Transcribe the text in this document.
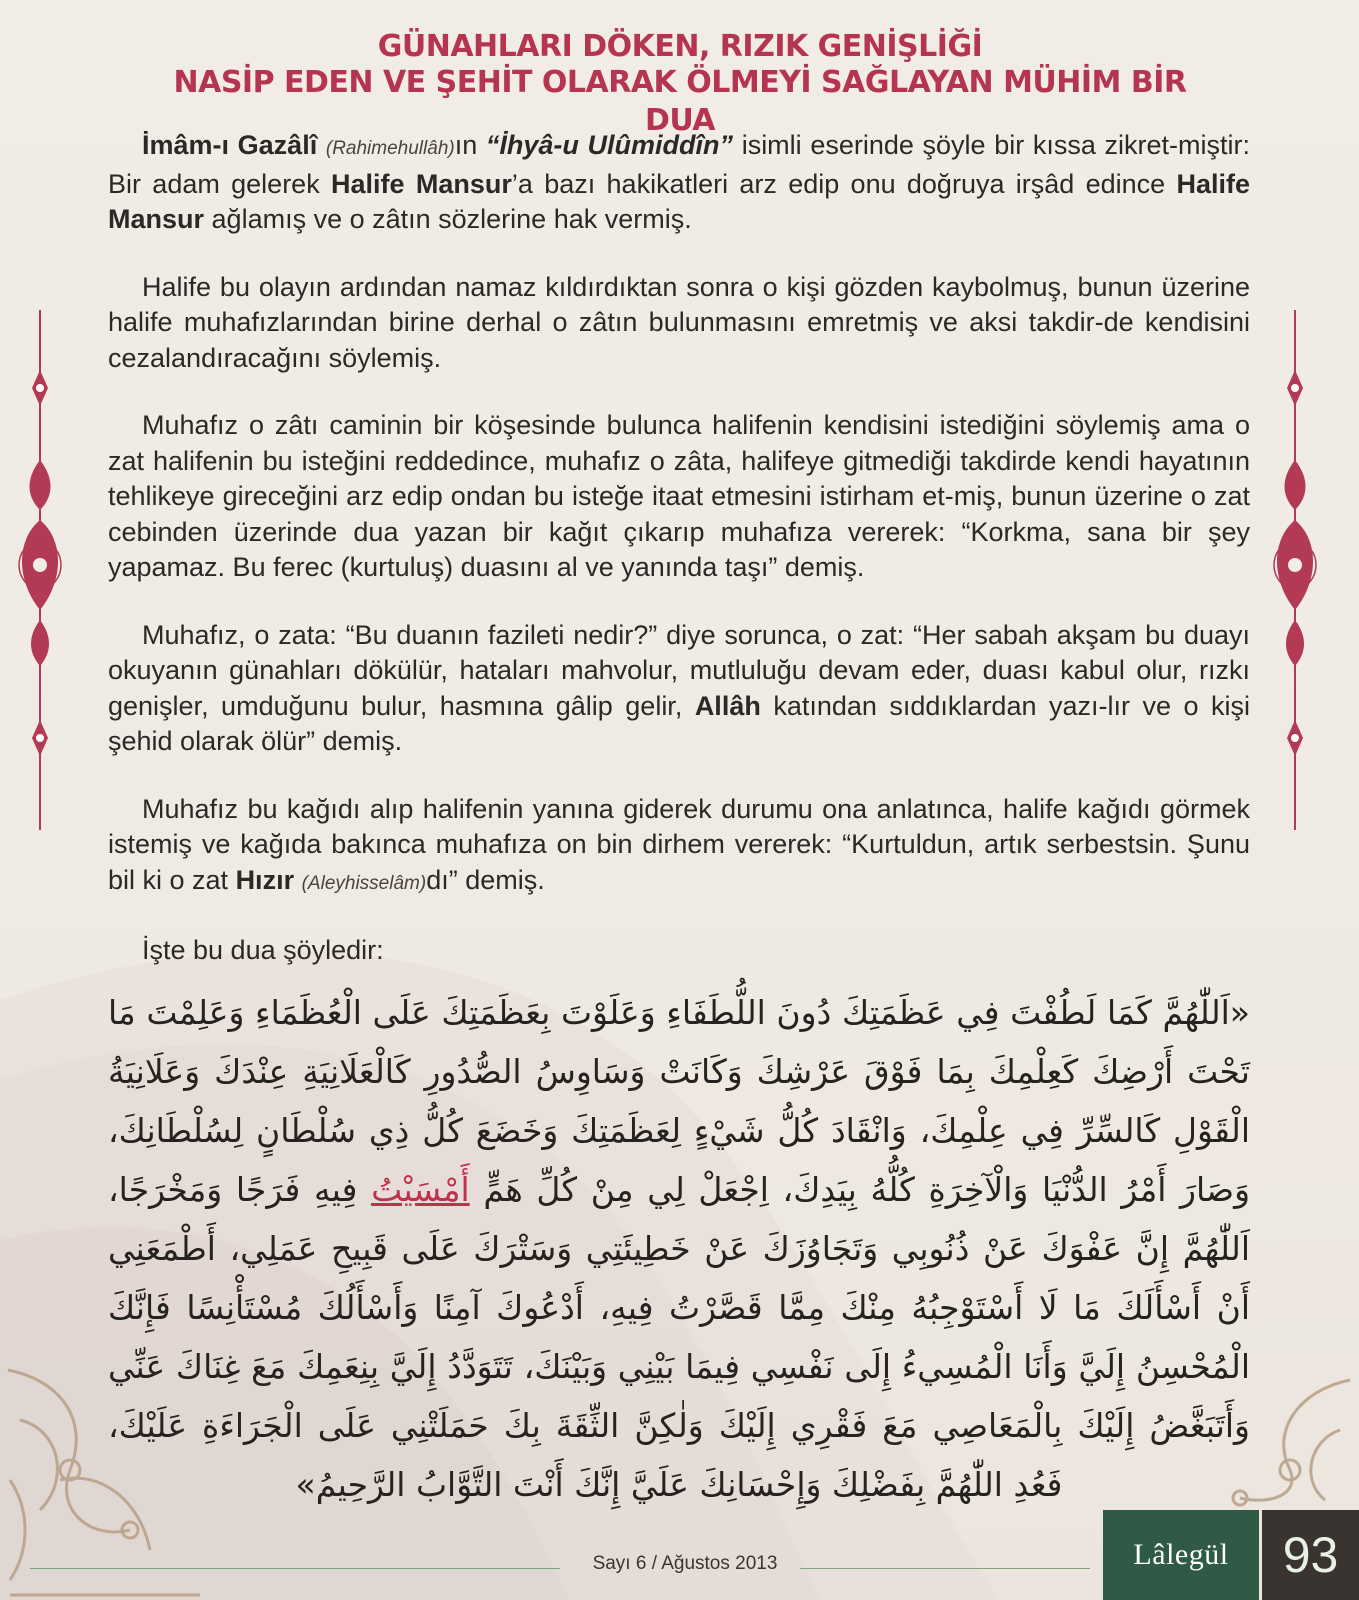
GÜNAHLARI DÖKEN, RIZIK GENİŞLİĞİ
NASİP EDEN VE ŞEHİT OLARAK ÖLMEYİ SAĞLAYAN MÜHİM BİR DUA

İmâm-ı Gazâlî (Rahimehullâh)ın “İhyâ-u Ulûmiddîn” isimli eserinde şöyle bir kıssa zikret-miştir: Bir adam gelerek Halife Mansur’a bazı hakikatleri arz edip onu doğruya irşâd edince Halife Mansur ağlamış ve o zâtın sözlerine hak vermiş.

Halife bu olayın ardından namaz kıldırdıktan sonra o kişi gözden kaybolmuş, bunun üzerine halife muhafızlarından birine derhal o zâtın bulunmasını emretmiş ve aksi takdir-de kendisini cezalandıracağını söylemiş.

Muhafız o zâtı caminin bir köşesinde bulunca halifenin kendisini istediğini söylemiş ama o zat halifenin bu isteğini reddedince, muhafız o zâta, halifeye gitmediği takdirde kendi hayatının tehlikeye gireceğini arz edip ondan bu isteğe itaat etmesini istirham et-miş, bunun üzerine o zat cebinden üzerinde dua yazan bir kağıt çıkarıp muhafıza vererek: “Korkma, sana bir şey yapamaz. Bu ferec (kurtuluş) duasını al ve yanında taşı” demiş.

Muhafız, o zata: “Bu duanın fazileti nedir?” diye sorunca, o zat: “Her sabah akşam bu duayı okuyanın günahları dökülür, hataları mahvolur, mutluluğu devam eder, duası kabul olur, rızkı genişler, umduğunu bulur, hasmına gâlip gelir, Allâh katından sıddıklardan yazı-lır ve o kişi şehid olarak ölür” demiş.

Muhafız bu kağıdı alıp halifenin yanına giderek durumu ona anlatınca, halife kağıdı görmek istemiş ve kağıda bakınca muhafıza on bin dirhem vererek: “Kurtuldun, artık serbestsin. Şunu bil ki o zat Hızır (Aleyhisselâm)dı” demiş.

İşte bu dua şöyledir:

«اَللّٰهُمَّ كَمَا لَطُفْتَ فِي عَظَمَتِكَ دُونَ اللُّطَفَاءِ وَعَلَوْتَ بِعَظَمَتِكَ عَلَى الْعُظَمَاءِ وَعَلِمْتَ مَا تَحْتَ أَرْضِكَ كَعِلْمِكَ بِمَا فَوْقَ عَرْشِكَ وَكَانَتْ وَسَاوِسُ الصُّدُورِ كَالْعَلَانِيَةِ عِنْدَكَ وَعَلَانِيَةُ الْقَوْلِ كَالسِّرِّ فِي عِلْمِكَ، وَانْقَادَ كُلُّ شَيْءٍ لِعَظَمَتِكَ وَخَضَعَ كُلُّ ذِي سُلْطَانٍ لِسُلْطَانِكَ، وَصَارَ أَمْرُ الدُّنْيَا وَالْآخِرَةِ كُلُّهُ بِيَدِكَ، اِجْعَلْ لِي مِنْ كُلِّ هَمٍّ أَمْسَيْتُ فِيهِ فَرَجًا وَمَخْرَجًا، اَللّٰهُمَّ إِنَّ عَفْوَكَ عَنْ ذُنُوبِي وَتَجَاوُزَكَ عَنْ خَطِيئَتِي وَسَتْرَكَ عَلَى قَبِيحِ عَمَلِي، أَطْمَعَنِي أَنْ أَسْأَلَكَ مَا لَا أَسْتَوْجِبُهُ مِنْكَ مِمَّا قَصَّرْتُ فِيهِ، أَدْعُوكَ آمِنًا وَأَسْأَلُكَ مُسْتَأْنِسًا فَإِنَّكَ الْمُحْسِنُ إِلَيَّ وَأَنَا الْمُسِيءُ إِلَى نَفْسِي فِيمَا بَيْنِي وَبَيْنَكَ، تَتَوَدَّدُ إِلَيَّ بِنِعَمِكَ مَعَ غِنَاكَ عَنِّي وَأَتَبَغَّضُ إِلَيْكَ بِالْمَعَاصِي مَعَ فَقْرِي إِلَيْكَ وَلٰكِنَّ الثِّقَةَ بِكَ حَمَلَتْنِي عَلَى الْجَرَاءَةِ عَلَيْكَ، فَعُدِ اللّٰهُمَّ بِفَضْلِكَ وَإِحْسَانِكَ عَلَيَّ إِنَّكَ أَنْتَ التَّوَّابُ الرَّحِيمُ»
Sayı 6 / Ağustos 2013	Lâlegül 93
